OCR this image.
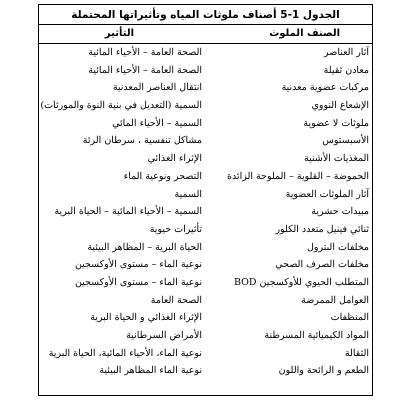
الجدول 1-5 أصناف ملوثات المياه وتأثيراتها المحتملة
الصنف الملوث
التأثير
آثار العناصر
الصحة العامة – الأحياء المائية
معادن ثقيلة
الصحة العامة – الأحياء المائية
مركبات عضوية معدنية
انتقال العناصر المعدنية
الإشعاع النووي
السمية (التعديل في بنية النوة والمورثات)
ملوثات لا عضوية
السمية – الأحياء المائي
الأسبستوس
مشاكل تنفسية ، سرطان الرئة
المغذيات الأشنية
الإثراء الغذائي
الحموضة – القلوية – الملوحة الزائدة
التصحر ونوعية الماء
آثار الملوثات العضوية
السمية
مبيدات حشرية
السمية – الأحياء المائية – الحياة البرية
ثنائي فينيل متعدد الكلور
تأثيرات حيوية
مخلفات البترول
الحياة البرية – المظاهر البيئية
مخلفات الصرف الصحي
نوعية الماء – مستوى الأوكسجين
المتطلب الحيوي للأوكسجين BOD
نوعية الماء – مستوى الأوكسجين
العوامل الممرضة
الصحة العامة
المنظفات
الإثراء الغذائي و الحياة البرية
المواد الكيميائية المسرطنة
الأمراض السرطانية
الثقالة
نوعية الماء، الأحياء المائية، الحياة البرية
الطعم و الرائحة واللون
نوعية الماء المظاهر البيئية
